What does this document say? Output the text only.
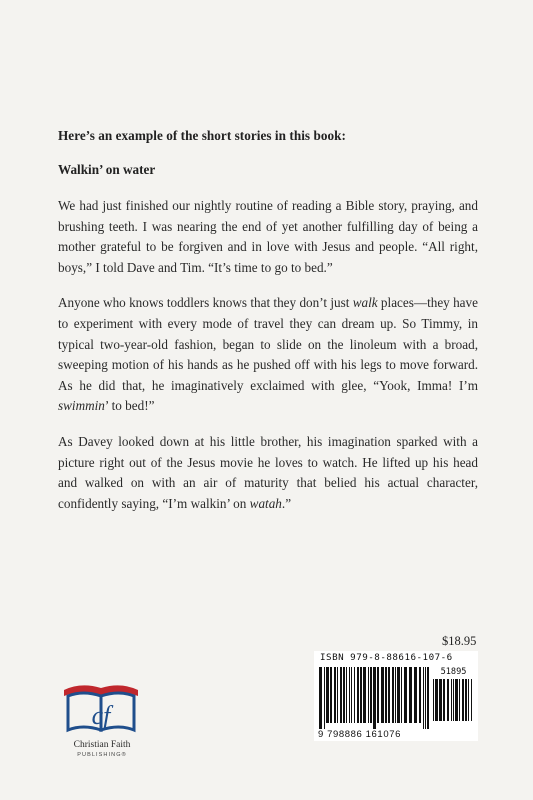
Here’s an example of the short stories in this book:

Walkin’ on water

We had just finished our nightly routine of reading a Bible story, praying, and brushing teeth. I was nearing the end of yet another fulfilling day of being a mother grateful to be forgiven and in love with Jesus and people. “All right, boys,” I told Dave and Tim. “It’s time to go to bed.”

Anyone who knows toddlers knows that they don’t just walk places—they have to experiment with every mode of travel they can dream up. So Timmy, in typical two-year-old fashion, began to slide on the linoleum with a broad, sweeping motion of his hands as he pushed off with his legs to move forward. As he did that, he imaginatively exclaimed with glee, “Yook, Imma! I’m swimmin’ to bed!”

As Davey looked down at his little brother, his imagination sparked with a picture right out of the Jesus movie he loves to watch. He lifted up his head and walked on with an air of maturity that belied his actual character, confidently saying, “I’m walkin’ on watah.”

cf
Christian Faith
PUBLISHING®
$18.95
ISBN 979-8-88616-107-6
51895
9 798886 161076
